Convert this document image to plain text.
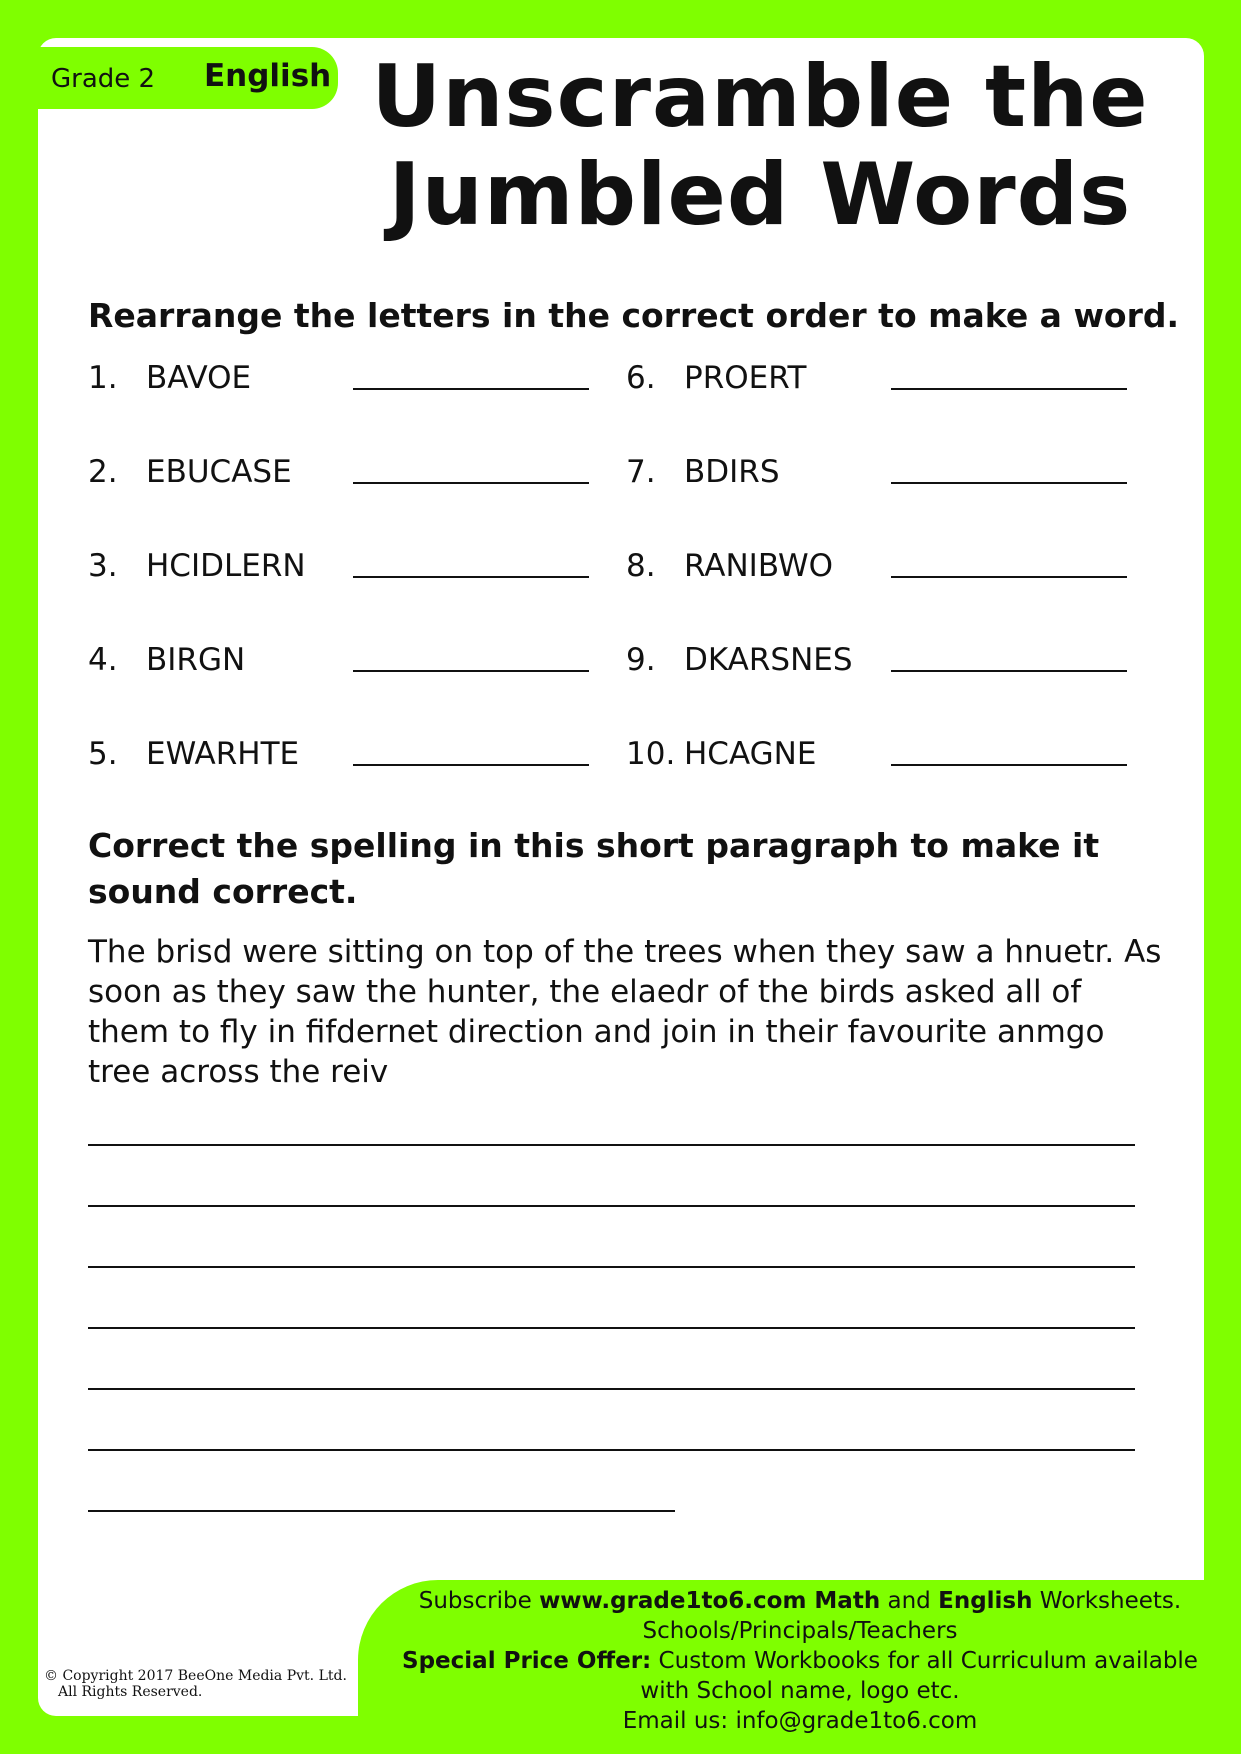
Grade 2 English Unscramble the
Jumbled Words
Rearrange the letters in the correct order to make a word.
1. BAVOE
2. EBUCASE
3. HCIDLERN
4. BIRGN
5. EWARHTE
6. PROERT
7. BDIRS
8. RANIBWO
9. DKARSNES
10. HCAGNE
Correct the spelling in this short paragraph to make it sound correct.

The brisd were sitting on top of the trees when they saw a hnuetr. As soon as they saw the hunter, the elaedr of the birds asked all of them to fly in fifdernet direction and join in their favourite anmgo tree across the reiv

Subscribe www.grade1to6.com Math and English Worksheets.
Schools/Principals/Teachers
Special Price Offer: Custom Workbooks for all Curriculum available
with School name, logo etc.
Email us: info@grade1to6.com
© Copyright 2017 BeeOne Media Pvt. Ltd.
All Rights Reserved.
